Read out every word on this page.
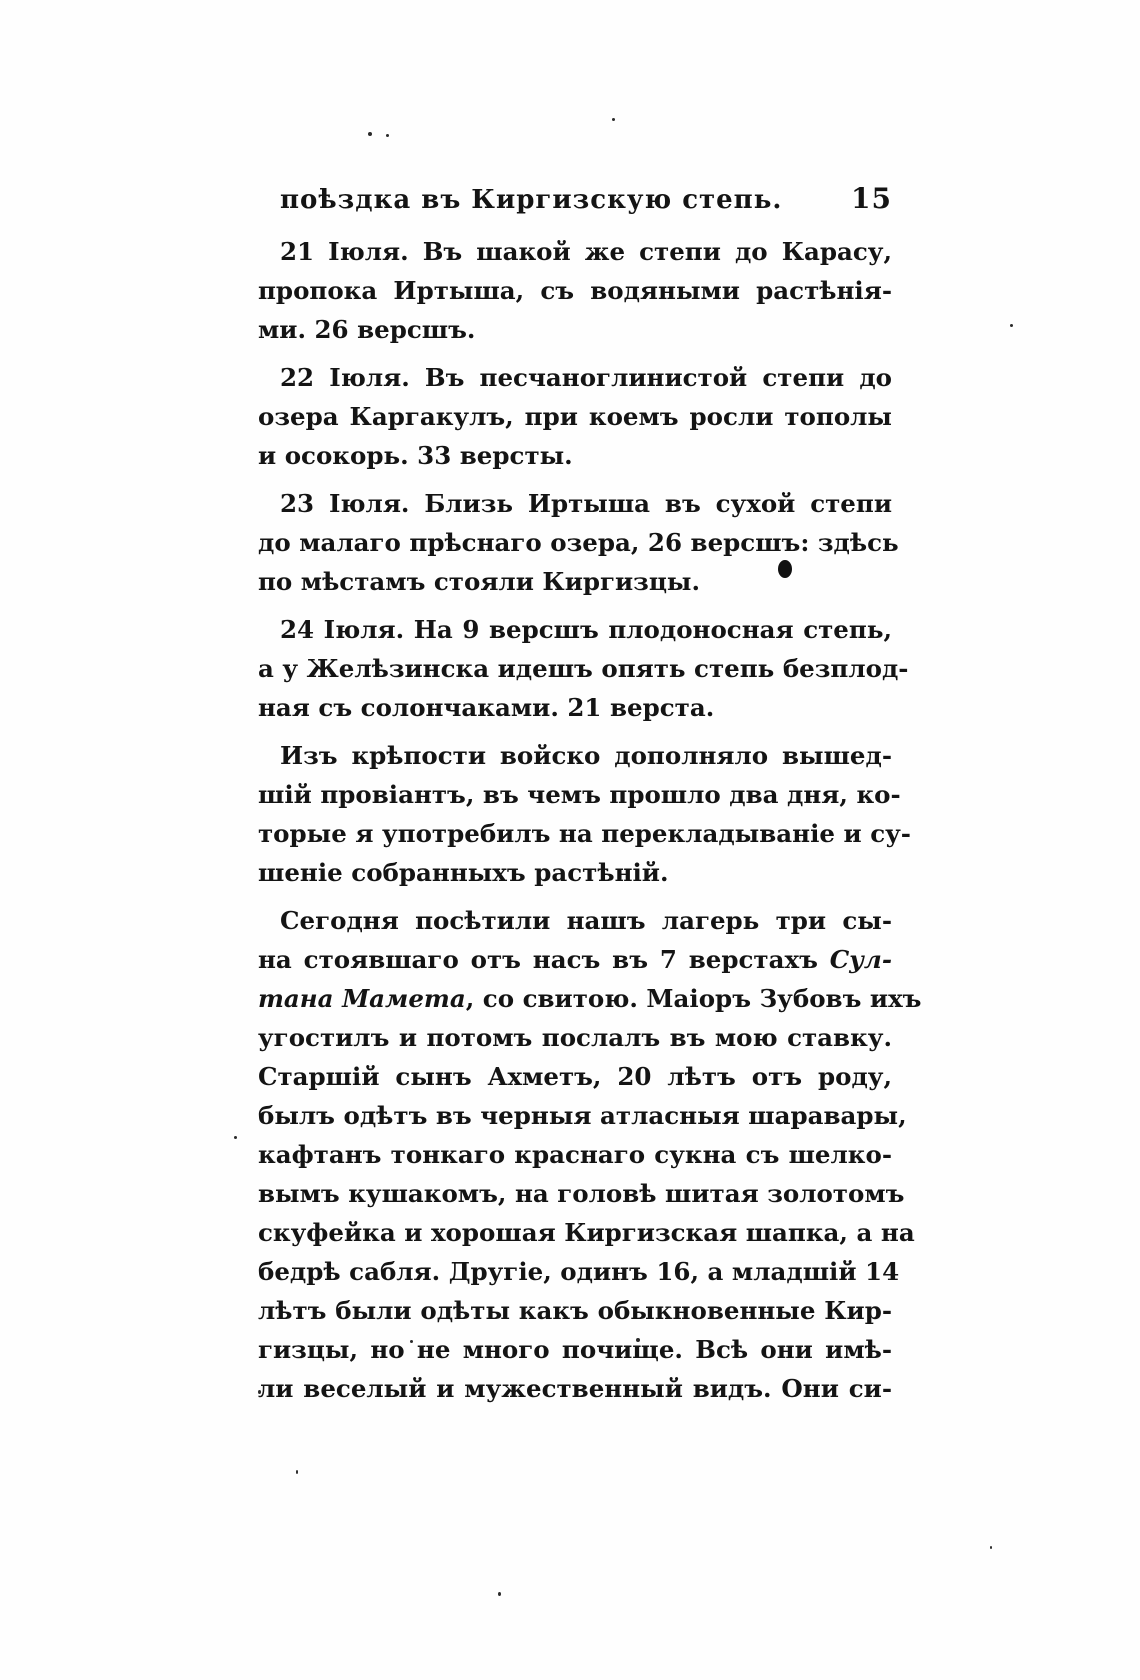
поѣздка въ Киргизскую степь. 15

21 Іюля. Въ шакой же степи до Карасу,
пропока Иртыша, съ водяными растѣнія-
ми. 26 версшъ.

22 Іюля. Въ песчаноглинистой степи до
озера Каргакулъ, при коемъ росли тополы
и осокорь. 33 версты.

23 Іюля. Близь Иртыша въ сухой степи
до малаго прѣснаго озера, 26 версшъ: здѣсь
по мѣстамъ стояли Киргизцы.

24 Іюля. На 9 версшъ плодоносная степь,
а у Желѣзинска идешъ опять степь безплод-
ная съ солончаками. 21 верста.

Изъ крѣпости войско дополняло вышед-
шій провіантъ, въ чемъ прошло два дня, ко-
торые я употребилъ на перекладываніе и су-
шеніе собранныхъ растѣній.

Сегодня посѣтили нашъ лагерь три сы-
на стоявшаго отъ насъ въ 7 верстахъ Сул-
тана Мамета, со свитою. Маіоръ Зубовъ ихъ
угостилъ и потомъ послалъ въ мою ставку.
Старшій сынъ Ахметъ, 20 лѣтъ отъ роду,
былъ одѣтъ въ черныя атласныя шаравары,
кафтанъ тонкаго краснаго сукна съ шелко-
вымъ кушакомъ, на головѣ шитая золотомъ
скуфейка и хорошая Киргизская шапка, а на
бедрѣ сабля. Другіе, одинъ 16, а младшій 14
лѣтъ были одѣты какъ обыкновенные Кир-
гизцы, но не много почище. Всѣ они имѣ-
ли веселый и мужественный видъ. Они си-
